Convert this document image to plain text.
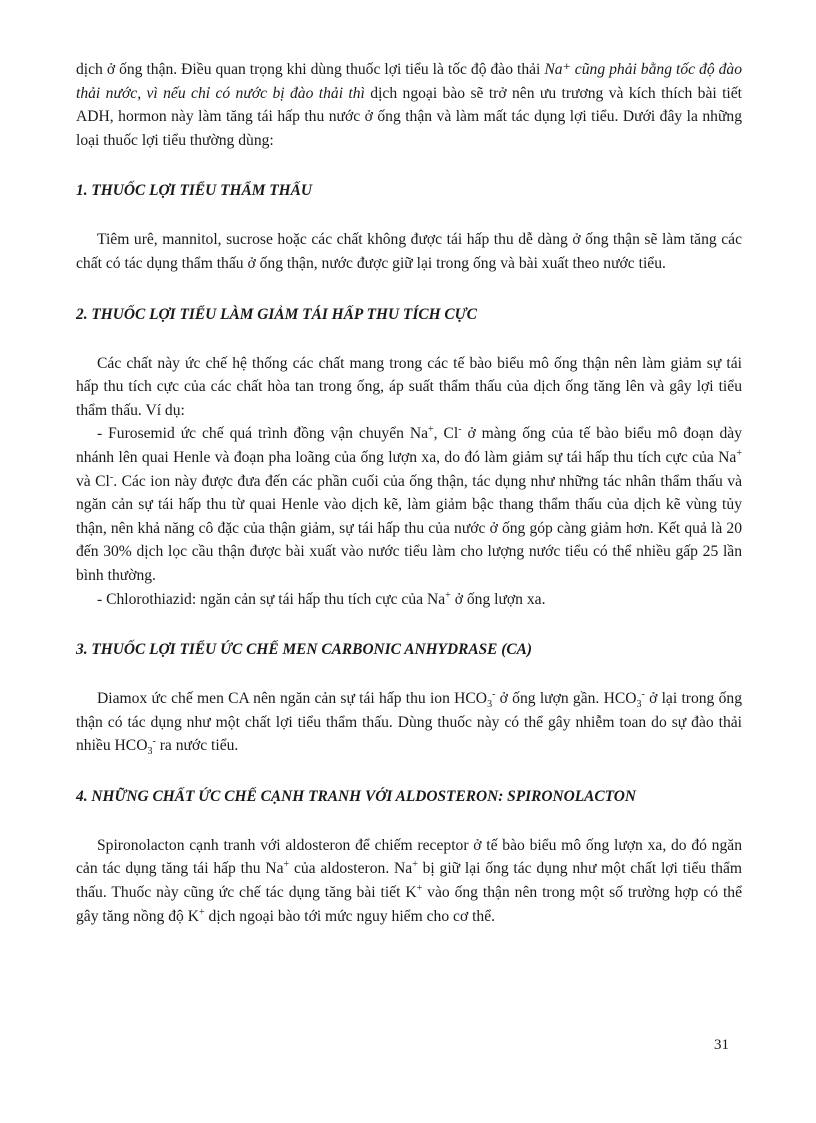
dịch ở ống thận. Điều quan trọng khi dùng thuốc lợi tiểu là tốc độ đào thải Na⁺ cũng phải bằng tốc độ đào thải nước, vì nếu chỉ có nước bị đào thải thì dịch ngoại bào sẽ trở nên ưu trương và kích thích bài tiết ADH, hormon này làm tăng tái hấp thu nước ở ống thận và làm mất tác dụng lợi tiểu. Dưới đây la những loại thuốc lợi tiểu thường dùng:

1. THUỐC LỢI TIỂU THẨM THẤU

Tiêm urê, mannitol, sucrose hoặc các chất không được tái hấp thu dễ dàng ở ống thận sẽ làm tăng các chất có tác dụng thẩm thấu ở ống thận, nước được giữ lại trong ống và bài xuất theo nước tiểu.

2. THUỐC LỢI TIỂU LÀM GIẢM TÁI HẤP THU TÍCH CỰC

Các chất này ức chế hệ thống các chất mang trong các tế bào biểu mô ống thận nên làm giảm sự tái hấp thu tích cực của các chất hòa tan trong ống, áp suất thẩm thấu của dịch ống tăng lên và gây lợi tiểu thẩm thấu. Ví dụ:

- Furosemid ức chế quá trình đồng vận chuyển Na+, Cl- ở màng ống của tế bào biểu mô đoạn dày nhánh lên quai Henle và đoạn pha loãng của ống lượn xa, do đó làm giảm sự tái hấp thu tích cực của Na+ và Cl-. Các ion này được đưa đến các phần cuối của ống thận, tác dụng như những tác nhân thẩm thấu và ngăn cản sự tái hấp thu từ quai Henle vào dịch kẽ, làm giảm bậc thang thẩm thấu của dịch kẽ vùng tủy thận, nên khả năng cô đặc của thận giảm, sự tái hấp thu của nước ở ống góp càng giảm hơn. Kết quả là 20 đến 30% dịch lọc cầu thận được bài xuất vào nước tiểu làm cho lượng nước tiểu có thể nhiều gấp 25 lần bình thường.

- Chlorothiazid: ngăn cản sự tái hấp thu tích cực của Na+ ở ống lượn xa.

3. THUỐC LỢI TIỂU ỨC CHẾ MEN CARBONIC ANHYDRASE (CA)

Diamox ức chế men CA nên ngăn cản sự tái hấp thu ion $HCO_3^-$ ở ống lượn gần. $HCO_3^-$ ở lại trong ống thận có tác dụng như một chất lợi tiểu thẩm thấu. Dùng thuốc này có thể gây nhiễm toan do sự đào thải nhiều $HCO_3^-$ ra nước tiểu.

4. NHỮNG CHẤT ỨC CHẾ CẠNH TRANH VỚI ALDOSTERON: SPIRONOLACTON

Spironolacton cạnh tranh với aldosteron để chiếm receptor ở tế bào biểu mô ống lượn xa, do đó ngăn cản tác dụng tăng tái hấp thu Na+ của aldosteron. Na+ bị giữ lại ống tác dụng như một chất lợi tiểu thẩm thấu. Thuốc này cũng ức chế tác dụng tăng bài tiết K+ vào ống thận nên trong một số trường hợp có thể gây tăng nồng độ K+ dịch ngoại bào tới mức nguy hiểm cho cơ thể.

31
